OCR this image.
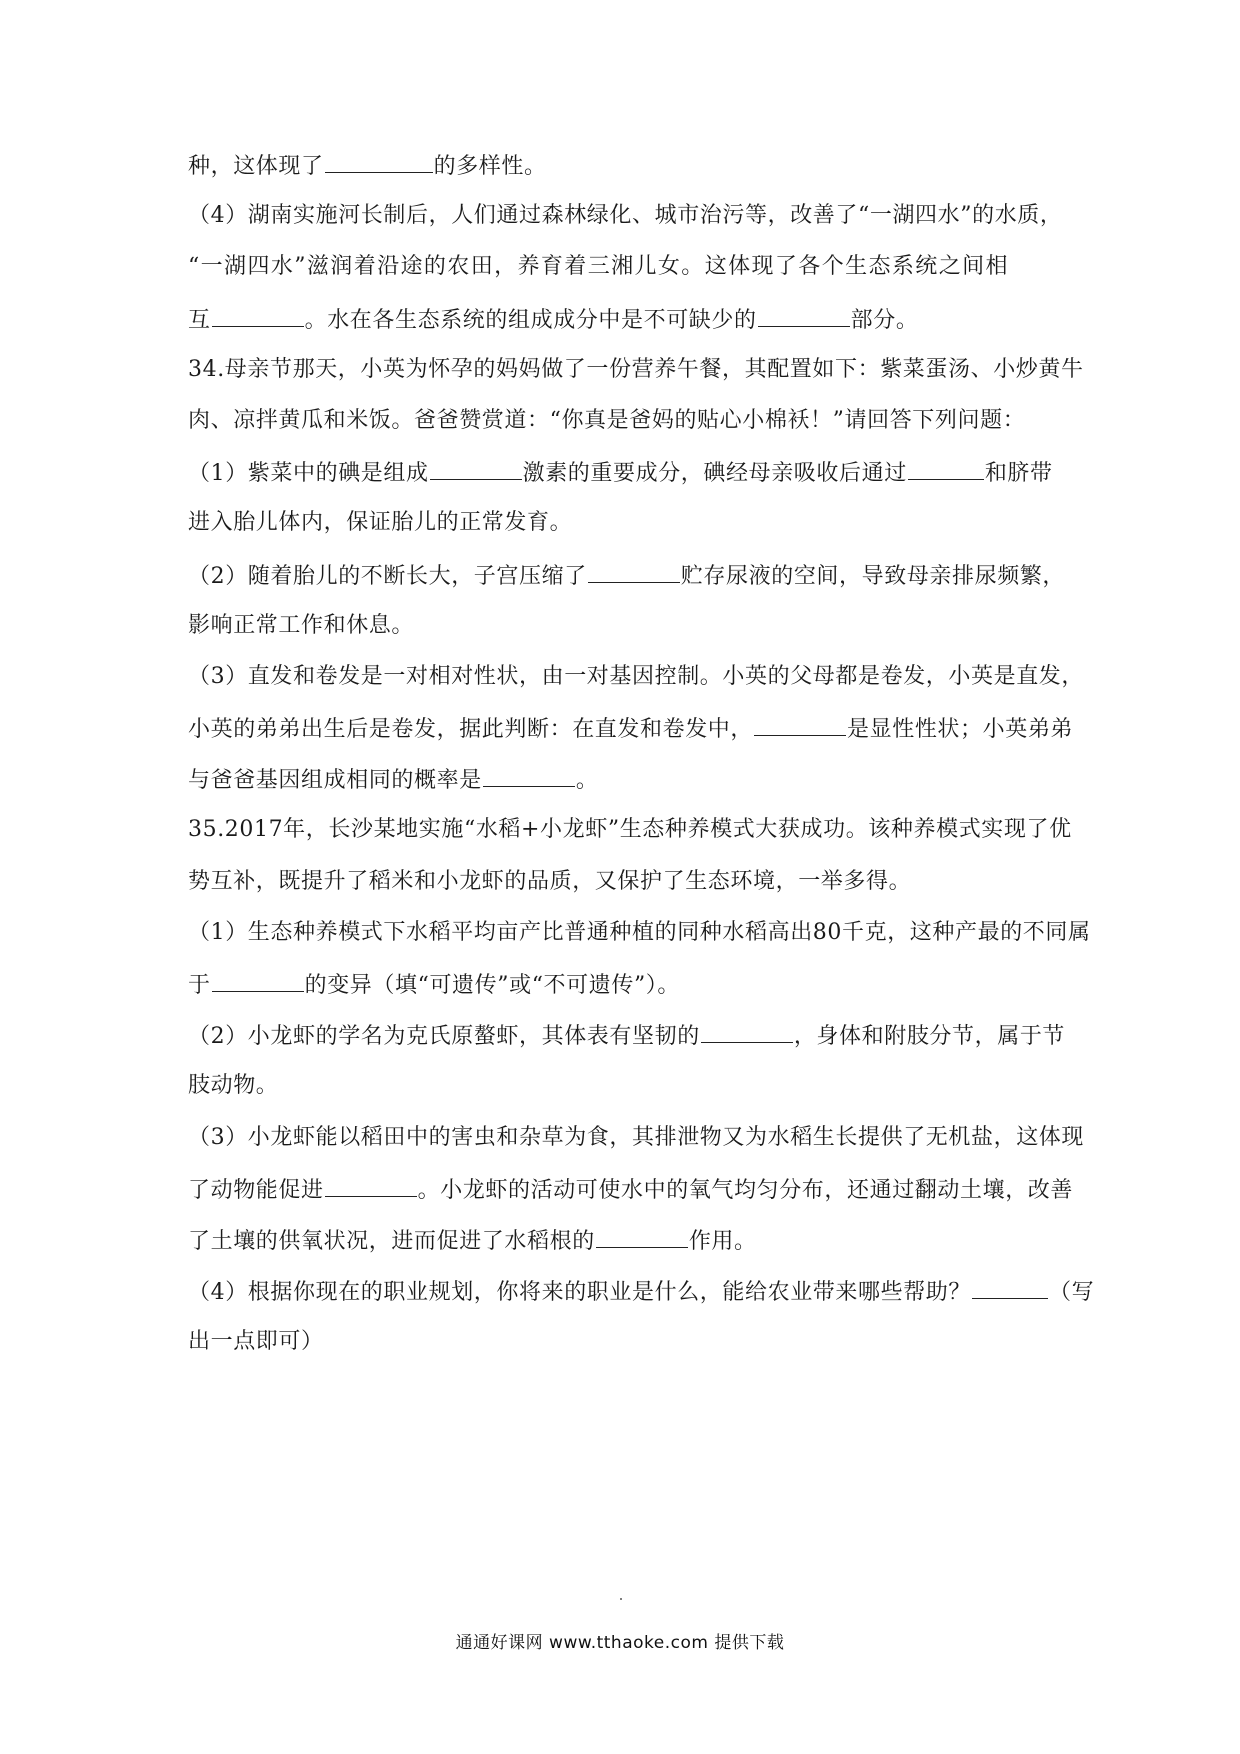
种，这体现了	的多样性。
（4）湖南实施河长制后，人们通过森林绿化、城市治污等，改善了“一湖四水”的水质，
“一湖四水”滋润着沿途的农田，养育着三湘儿女。这体现了各个生态系统之间相
互	。水在各生态系统的组成成分中是不可缺少的	部分。
34.母亲节那天，小英为怀孕的妈妈做了一份营养午餐，其配置如下：紫菜蛋汤、小炒黄牛
肉、凉拌黄瓜和米饭。爸爸赞赏道：“你真是爸妈的贴心小棉袄！”请回答下列问题：
（1）紫菜中的碘是组成	激素的重要成分，碘经母亲吸收后通过	和脐带
进入胎儿体内，保证胎儿的正常发育。
（2）随着胎儿的不断长大，子宫压缩了	贮存尿液的空间，导致母亲排尿频繁，
影响正常工作和休息。
（3）直发和卷发是一对相对性状，由一对基因控制。小英的父母都是卷发，小英是直发，
小英的弟弟出生后是卷发，据此判断：在直发和卷发中，	是显性性状；小英弟弟
与爸爸基因组成相同的概率是	。
35.2017年，长沙某地实施“水稻+小龙虾”生态种养模式大获成功。该种养模式实现了优
势互补，既提升了稻米和小龙虾的品质，又保护了生态环境，一举多得。
（1）生态种养模式下水稻平均亩产比普通种植的同种水稻高出80千克，这种产最的不同属
于	的变异（填“可遗传”或“不可遗传”）。
（2）小龙虾的学名为克氏原螯虾，其体表有坚韧的	，身体和附肢分节，属于节
肢动物。
（3）小龙虾能以稻田中的害虫和杂草为食，其排泄物又为水稻生长提供了无机盐，这体现
了动物能促进	。小龙虾的活动可使水中的氧气均匀分布，还通过翻动土壤，改善
了土壤的供氧状况，进而促进了水稻根的	作用。
（4）根据你现在的职业规划，你将来的职业是什么，能给农业带来哪些帮助？	（写
出一点即可）
通通好课网 www.tthaoke.com 提供下载
